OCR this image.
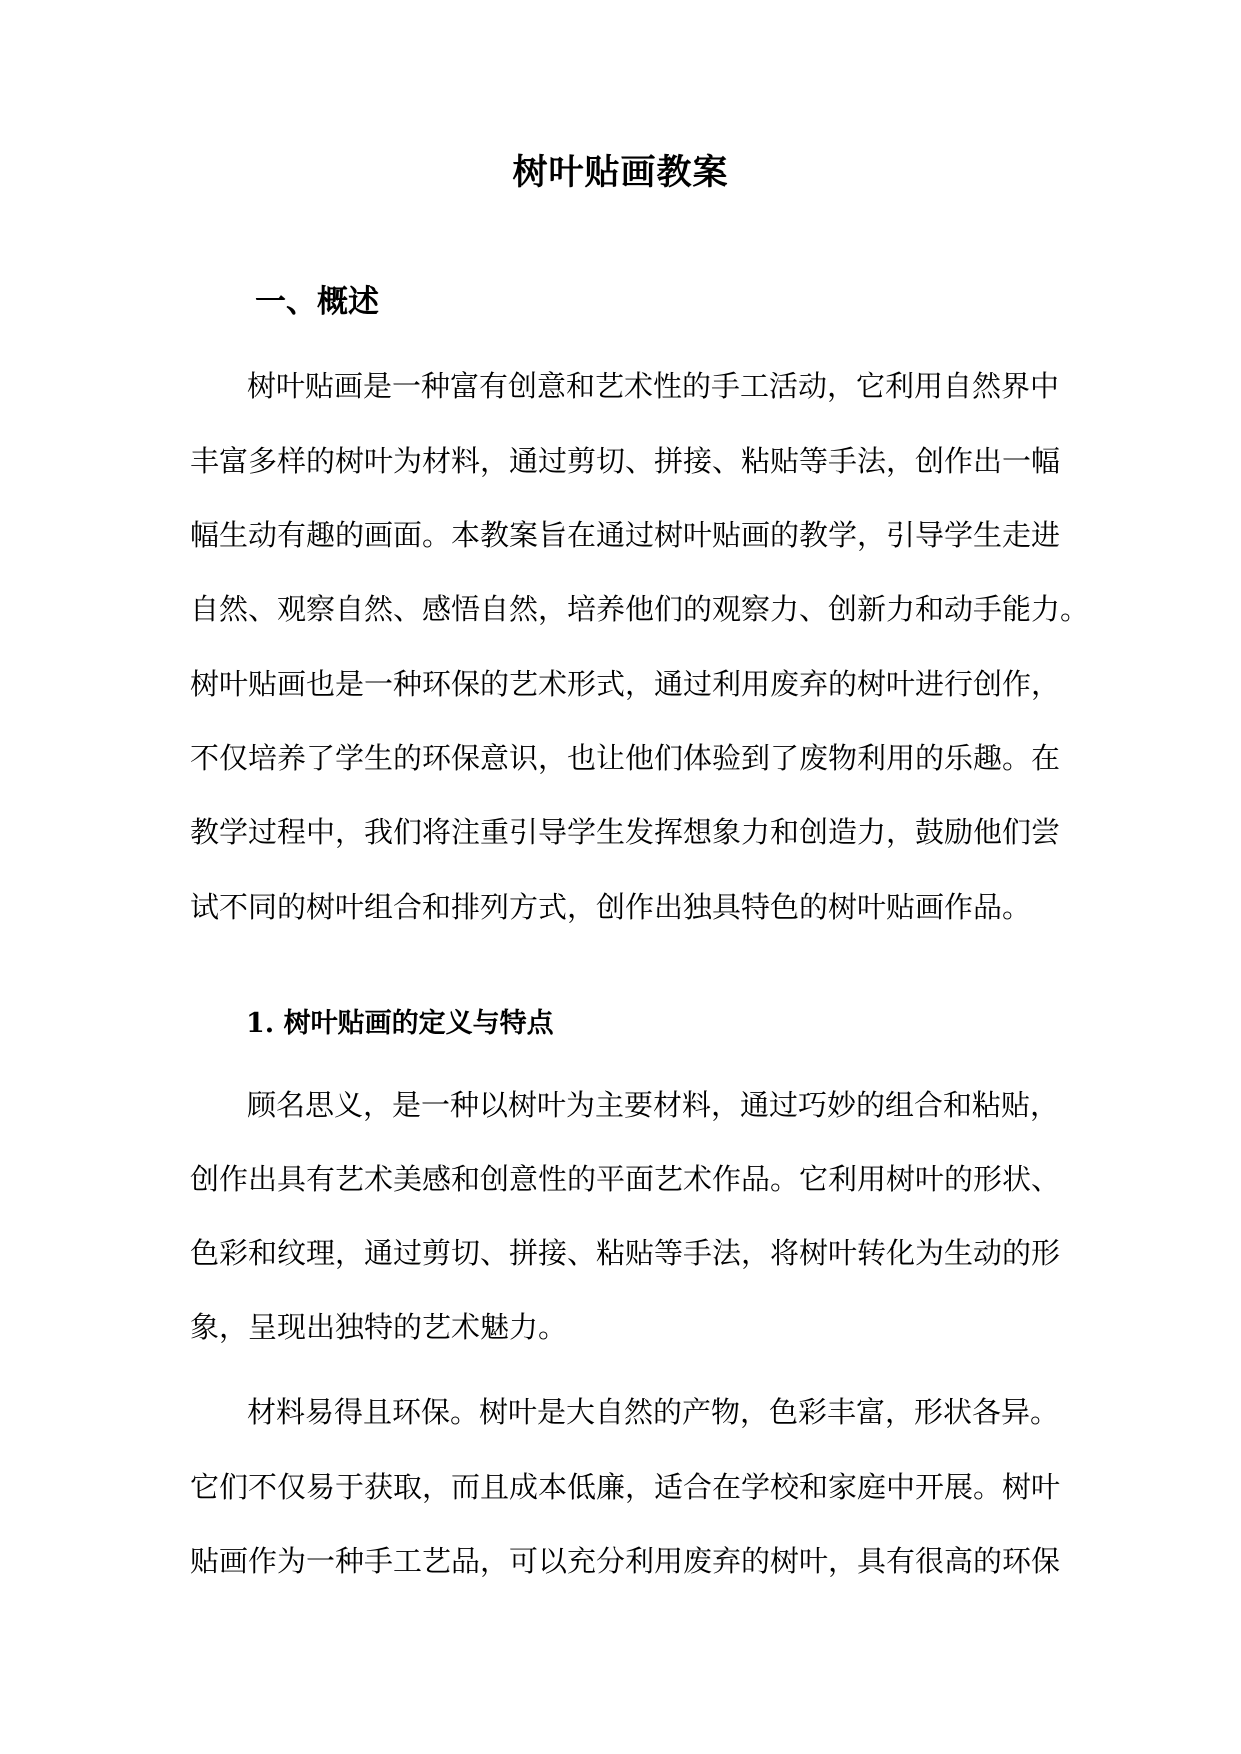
树叶贴画教案
一、概述
树叶贴画是一种富有创意和艺术性的手工活动，它利用自然界中
丰富多样的树叶为材料，通过剪切、拼接、粘贴等手法，创作出一幅
幅生动有趣的画面。本教案旨在通过树叶贴画的教学，引导学生走进
自然、观察自然、感悟自然，培养他们的观察力、创新力和动手能力。
树叶贴画也是一种环保的艺术形式，通过利用废弃的树叶进行创作，
不仅培养了学生的环保意识，也让他们体验到了废物利用的乐趣。在
教学过程中，我们将注重引导学生发挥想象力和创造力，鼓励他们尝
试不同的树叶组合和排列方式，创作出独具特色的树叶贴画作品。
1. 树叶贴画的定义与特点
顾名思义，是一种以树叶为主要材料，通过巧妙的组合和粘贴，
创作出具有艺术美感和创意性的平面艺术作品。它利用树叶的形状、
色彩和纹理，通过剪切、拼接、粘贴等手法，将树叶转化为生动的形
象，呈现出独特的艺术魅力。
材料易得且环保。树叶是大自然的产物，色彩丰富，形状各异。
它们不仅易于获取，而且成本低廉，适合在学校和家庭中开展。树叶
贴画作为一种手工艺品，可以充分利用废弃的树叶，具有很高的环保
